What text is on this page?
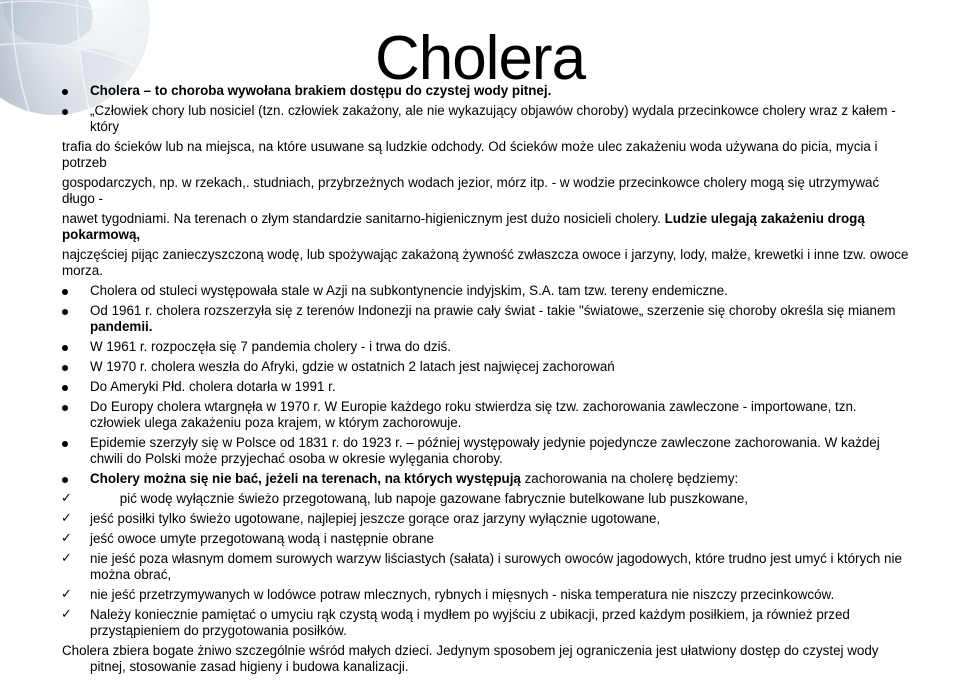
Cholera
Cholera – to choroba wywołana brakiem dostępu do czystej wody pitnej.
„Człowiek chory lub nosiciel (tzn. człowiek zakażony, ale nie wykazujący objawów choroby) wydala przecinkowce cholery wraz z kałem - który
trafia do ścieków lub na miejsca, na które usuwane są ludzkie odchody. Od ścieków może ulec zakażeniu woda używana do picia, mycia i potrzeb
gospodarczych, np. w rzekach,. studniach, przybrzeżnych wodach jezior, mórz itp. - w wodzie przecinkowce cholery mogą się utrzymywać długo -
nawet tygodniami. Na terenach o złym standardzie sanitarno-higienicznym jest dużo nosicieli cholery. Ludzie ulegają zakażeniu drogą pokarmową,
najczęściej pijąc zanieczyszczoną wodę, lub spożywając zakażoną żywność zwłaszcza owoce i jarzyny, lody, małże, krewetki i inne tzw. owoce morza.
Cholera od stuleci występowała stale w Azji na subkontynencie indyjskim, S.A. tam tzw. tereny endemiczne.
Od 1961 r. cholera rozszerzyła się z terenów Indonezji na prawie cały świat - takie "światowe„ szerzenie się choroby określa się mianem pandemii.
W 1961 r. rozpoczęła się 7 pandemia cholery - i trwa do dziś.
W 1970 r. cholera weszła do Afryki, gdzie w ostatnich 2 latach jest najwięcej zachorowań
Do Ameryki Płd. cholera dotarła w 1991 r.
Do Europy cholera wtargnęła w 1970 r. W Europie każdego roku stwierdza się tzw. zachorowania zawleczone - importowane, tzn. człowiek ulega zakażeniu poza krajem, w którym zachorowuje.
Epidemie szerzyły się w Polsce od 1831 r. do 1923 r. – później występowały jedynie pojedyncze zawleczone zachorowania. W każdej chwili do Polski może przyjechać osoba w okresie wylęgania choroby.
Cholery można się nie bać, jeżeli na terenach, na których występują zachorowania na cholerę będziemy:
✓ pić wodę wyłącznie świeżo przegotowaną, lub napoje gazowane fabrycznie butelkowane lub puszkowane,
✓ jeść posiłki tylko świeżo ugotowane, najlepiej jeszcze gorące oraz jarzyny wyłącznie ugotowane,
✓ jeść owoce umyte przegotowaną wodą i następnie obrane
✓ nie jeść poza własnym domem surowych warzyw liściastych (sałata) i surowych owoców jagodowych, które trudno jest umyć i których nie można obrać,
✓ nie jeść przetrzymywanych w lodówce potraw mlecznych, rybnych i mięsnych - niska temperatura nie niszczy przecinkowców.
✓ Należy koniecznie pamiętać o umyciu rąk czystą wodą i mydłem po wyjściu z ubikacji, przed każdym posiłkiem, ja również przed przystąpieniem do przygotowania posiłków.
Cholera zbiera bogate żniwo szczególnie wśród małych dzieci. Jedynym sposobem jej ograniczenia jest ułatwiony dostęp do czystej wody pitnej, stosowanie zasad higieny i budowa kanalizacji.
